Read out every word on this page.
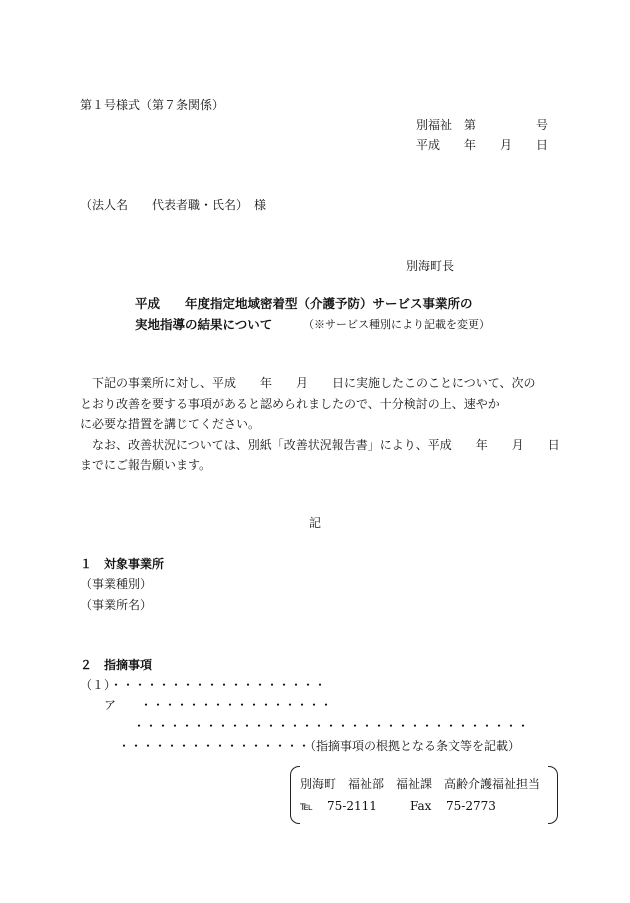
第１号様式（第７条関係）
別福祉　第　　　　　号
平成　　年　　月　　日
（法人名　　代表者職・氏名）　様
別海町長
平成　　年度指定地域密着型（介護予防）サービス事業所の
実地指導の結果について	（※サービス種別により記載を変更）
下記の事業所に対し、平成　　年　　月　　日に実施したこのことについて、次の
とおり改善を要する事項があると認められましたので、十分検討の上、速やか
に必要な措置を講じてください。
なお、改善状況については、別紙「改善状況報告書」により、平成　　年　　月　　日
までにご報告願います。
記
１　対象事業所
（事業種別）
（事業所名）
２　指摘事項
（１）・・・・・・・・・・・・・・・・・・
ア　　・・・・・・・・・・・・・・・・
・・・・・・・・・・・・・・・・・・・・・・・・・・・・・・・・・
・・・・・・・・・・・・・・・・（指摘事項の根拠となる条文等を記載）
別海町　福祉部　福祉課　高齢介護福祉担当
℡ 75-2111	Fax 75-2773
